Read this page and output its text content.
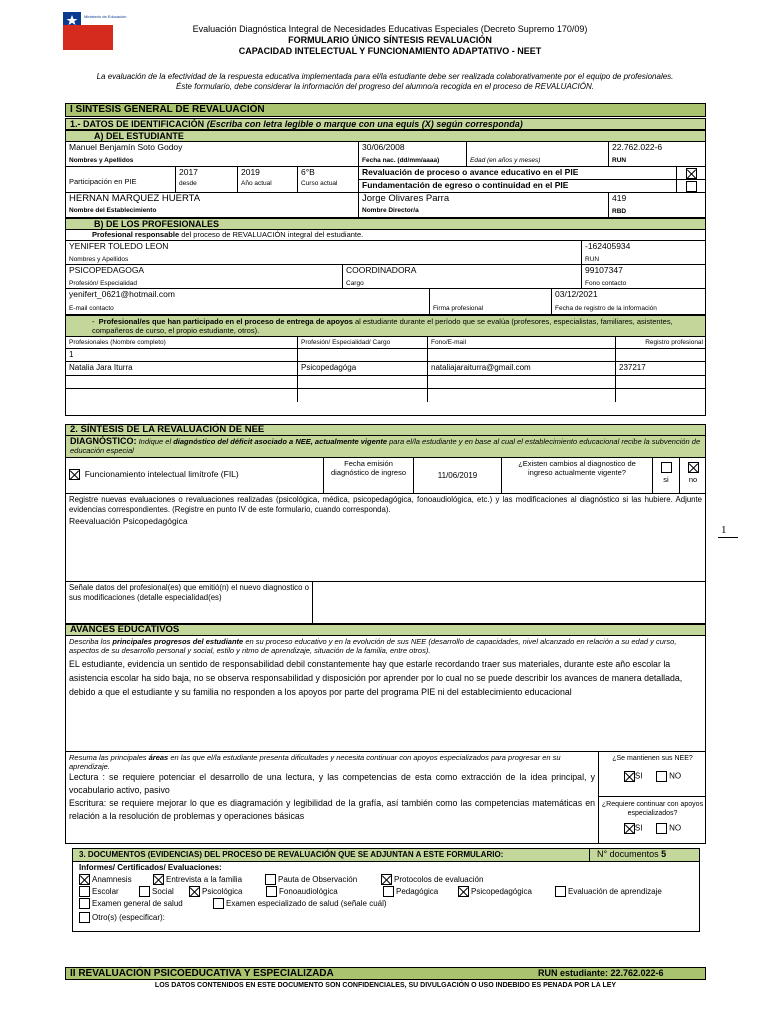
Ministerio de Educación
Evaluación Diagnóstica Integral de Necesidades Educativas Especiales (Decreto Supremo 170/09)
FORMULARIO ÚNICO SÍNTESIS REVALUACIÓN
CAPACIDAD INTELECTUAL Y FUNCIONAMIENTO ADAPTATIVO - NEET
La evaluación de la efectividad de la respuesta educativa implementada para el/la estudiante debe ser realizada colaborativamente por el equipo de profesionales.
Éste formulario, debe considerar la información del progreso del alumno/a recogida en el proceso de REVALUACIÓN.
I SÍNTESIS GENERAL DE REVALUACIÓN
1.- DATOS DE IDENTIFICACIÓN (Escriba con letra legible o marque con una equis (X) según corresponda)
A) DEL ESTUDIANTE
Manuel Benjamín Soto Godoy
Nombres y Apellidos
30/06/2008
Fecha nac. (dd/mm/aaaa)	Edad (en años y meses)
22.762.022-6
RUN
Participación en PIE
2017
desde
2019
Año actual
6°B
Curso actual
Revaluación de proceso o avance educativo en el PIE
Fundamentación de egreso o continuidad en el PIE
HERNAN MARQUEZ HUERTA
Nombre del Establecimiento
Jorge Olivares Parra
Nombre Director/a
419
RBD
B) DE LOS PROFESIONALES
Profesional responsable del proceso de REVALUACIÓN integral del estudiante.
YENIFER TOLEDO LEON
Nombres y Apellidos
-162405934
RUN
PSICOPEDAGOGA
Profesión/ Especialidad
COORDINADORA
Cargo
99107347
Fono contacto
yenifert_0621@hotmail.com
E-mail contacto	Firma profesional
03/12/2021
Fecha de registro de la información
-  Profesional/es que han participado en el proceso de entrega de apoyos al estudiante durante el período que se evalúa (profesores, especialistas, familiares, asistentes, compañeros de curso, el propio estudiante, otros).
Profesionales (Nombre completo)	Profesión/ Especialidad/ Cargo	Fono/E-mail	Registro profesional
1
Natalia Jara Iturra	Psicopedagóga	nataliajaraiturra@gmail.com	237217
2. SÍNTESIS DE LA REVALUACIÓN DE NEE
DIAGNÓSTICO: Indique el diagnóstico del déficit asociado a NEE, actualmente vigente para el/la estudiante y en base al cual el establecimiento educacional recibe la subvención de educación especial
Funcionamiento intelectual limítrofe (FIL)
Fecha emisión diagnóstico de ingreso	11/06/2019
¿Existen cambios al diagnostico de ingreso actualmente vigente?
si	no
Registre nuevas evaluaciones o revaluaciones realizadas (psicológica, médica, psicopedagógica, fonoaudiológica, etc.) y las modificaciones al diagnóstico si las hubiere. Adjunte evidencias correspondientes. (Registre en punto IV de este formulario, cuando corresponda).
Reevaluación Psicopedagógica
1
Señale datos del profesional(es) que emitió(n) el nuevo diagnostico o sus modificaciones (detalle especialidad(es)
AVANCES EDUCATIVOS
Describa los principales progresos del estudiante en su proceso educativo y en la evolución de sus NEE (desarrollo de capacidades, nivel alcanzado en relación a su edad y curso, aspectos de su desarrollo personal y social, estilo y ritmo de aprendizaje, situación de la familia, entre otros).
EL estudiante, evidencia un sentido de responsabilidad debil constantemente hay que estarle recordando traer sus materiales, durante este año escolar la asistencia escolar ha sido baja, no se observa responsabilidad y disposición por aprender por lo cual no se puede describir los avances de manera detallada, debido a que el estudiante y su familia no responden a los apoyos por parte del programa PIE ni del establecimiento educacional
Resuma las principales áreas en las que el/la estudiante presenta dificultades y necesita continuar con apoyos especializados para progresar en su aprendizaje.
Lectura : se requiere potenciar el desarrollo de una lectura, y las competencias de esta como extracción de la idea principal, y vocabulario activo, pasivo
Escritura: se requiere mejorar lo que es diagramación y legibilidad de la grafía, así también como las competencias matemáticas en relación a la resolución de problemas y operaciones básicas
¿Se mantienen sus NEE?
SI	NO
¿Requiere continuar con apoyos especializados?
SI	NO
3. DOCUMENTOS (EVIDENCIAS) DEL PROCESO DE REVALUACIÓN QUE SE ADJUNTAN A ESTE FORMULARIO:	N° documentos 5
Informes/ Certificados/ Evaluaciones:
Anamnesis	Entrevista a la familia	Pauta de Observación	Protocolos de evaluación
Escolar	Social	Psicológica	Fonoaudiológica	Pedagógica	Psicopedagógica	Evaluación de aprendizaje
Examen general de salud	Examen especializado de salud (señale cuál)
Otro(s) (especificar):
II REVALUACIÓN PSICOEDUCATIVA Y ESPECIALIZADA	RUN estudiante: 22.762.022-6
LOS DATOS CONTENIDOS EN ESTE DOCUMENTO SON CONFIDENCIALES, SU DIVULGACIÓN O USO INDEBIDO ES PENADA POR LA LEY
